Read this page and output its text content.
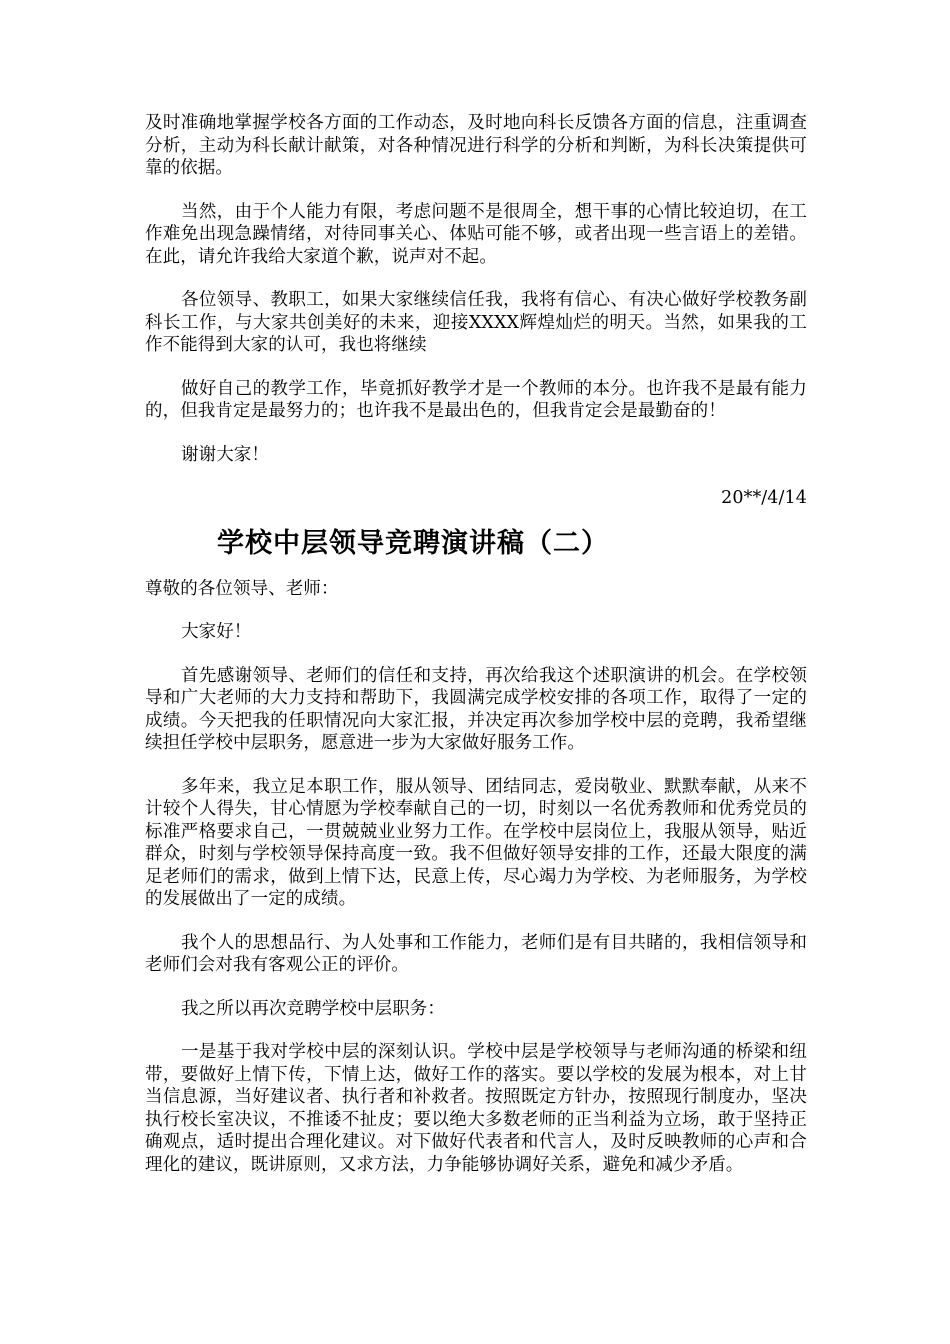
及时准确地掌握学校各方面的工作动态，及时地向科长反馈各方面的信息，注重调查分析，主动为科长献计献策，对各种情况进行科学的分析和判断，为科长决策提供可靠的依据。

当然，由于个人能力有限，考虑问题不是很周全，想干事的心情比较迫切，在工作难免出现急躁情绪，对待同事关心、体贴可能不够，或者出现一些言语上的差错。在此，请允许我给大家道个歉，说声对不起。

各位领导、教职工，如果大家继续信任我，我将有信心、有决心做好学校教务副科长工作，与大家共创美好的未来，迎接XXXX辉煌灿烂的明天。当然，如果我的工作不能得到大家的认可，我也将继续

做好自己的教学工作，毕竟抓好教学才是一个教师的本分。也许我不是最有能力的，但我肯定是最努力的；也许我不是最出色的，但我肯定会是最勤奋的！

谢谢大家！

20**/4/14

学校中层领导竞聘演讲稿（二）

尊敬的各位领导、老师：

大家好！

首先感谢领导、老师们的信任和支持，再次给我这个述职演讲的机会。在学校领导和广大老师的大力支持和帮助下，我圆满完成学校安排的各项工作，取得了一定的成绩。今天把我的任职情况向大家汇报，并决定再次参加学校中层的竞聘，我希望继续担任学校中层职务，愿意进一步为大家做好服务工作。

多年来，我立足本职工作，服从领导、团结同志，爱岗敬业、默默奉献，从来不计较个人得失，甘心情愿为学校奉献自己的一切，时刻以一名优秀教师和优秀党员的标准严格要求自己，一贯兢兢业业努力工作。在学校中层岗位上，我服从领导，贴近群众，时刻与学校领导保持高度一致。我不但做好领导安排的工作，还最大限度的满足老师们的需求，做到上情下达，民意上传，尽心竭力为学校、为老师服务，为学校的发展做出了一定的成绩。

我个人的思想品行、为人处事和工作能力，老师们是有目共睹的，我相信领导和老师们会对我有客观公正的评价。

我之所以再次竞聘学校中层职务：

一是基于我对学校中层的深刻认识。学校中层是学校领导与老师沟通的桥梁和纽带，要做好上情下传，下情上达，做好工作的落实。要以学校的发展为根本，对上甘当信息源，当好建议者、执行者和补救者。按照既定方针办，按照现行制度办，坚决执行校长室决议，不推诿不扯皮；要以绝大多数老师的正当利益为立场，敢于坚持正确观点，适时提出合理化建议。对下做好代表者和代言人，及时反映教师的心声和合理化的建议，既讲原则，又求方法，力争能够协调好关系，避免和减少矛盾。
